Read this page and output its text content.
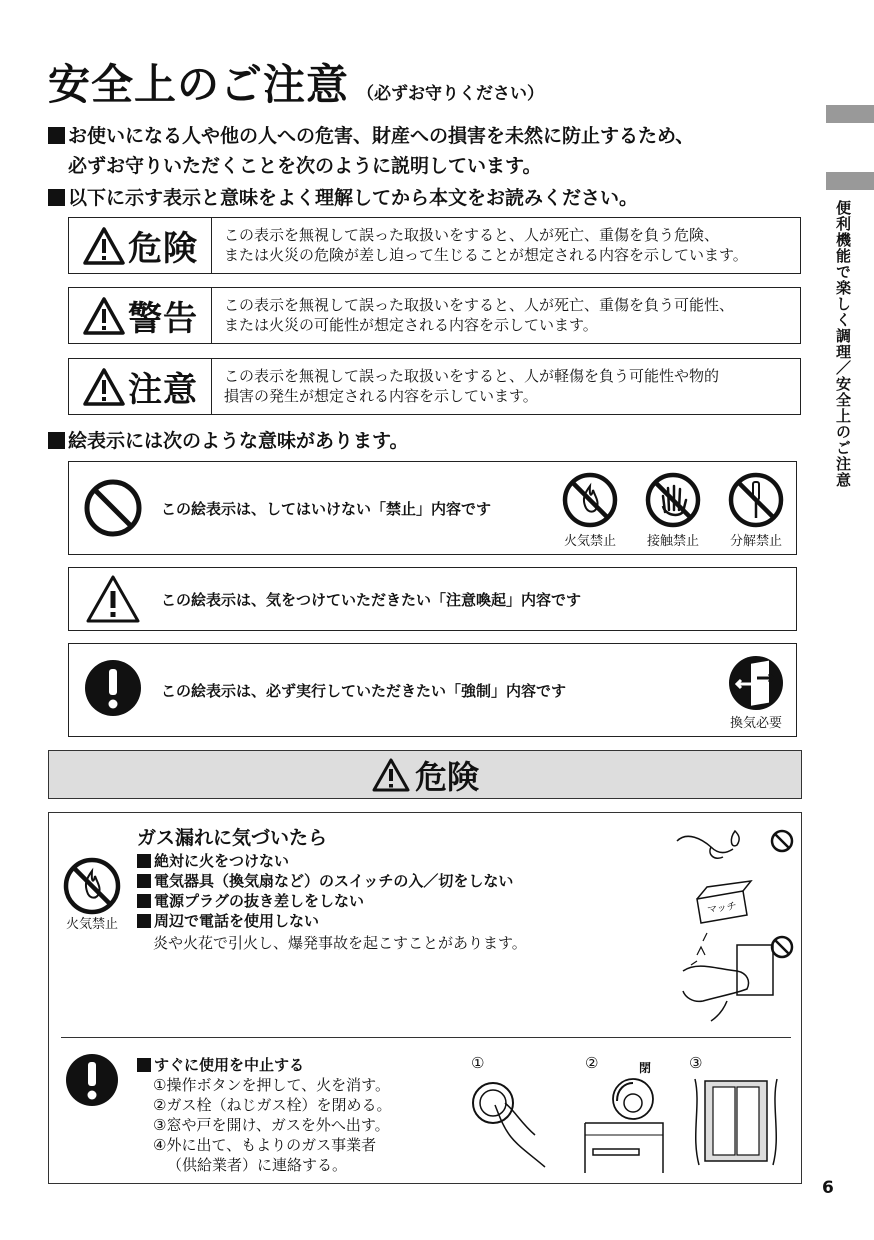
安全上のご注意 （必ずお守りください）
お使いになる人や他の人への危害、財産への損害を未然に防止するため、
必ずお守りいただくことを次のように説明しています。
以下に示す表示と意味をよく理解してから本文をお読みください。
危険 この表示を無視して誤った取扱いをすると、人が死亡、重傷を負う危険、
または火災の危険が差し迫って生じることが想定される内容を示しています。
警告 この表示を無視して誤った取扱いをすると、人が死亡、重傷を負う可能性、
または火災の可能性が想定される内容を示しています。
注意 この表示を無視して誤った取扱いをすると、人が軽傷を負う可能性や物的
損害の発生が想定される内容を示しています。
絵表示には次のような意味があります。
この絵表示は、してはいけない「禁止」内容です
火気禁止	接触禁止	分解禁止
この絵表示は、気をつけていただきたい「注意喚起」内容です
この絵表示は、必ず実行していただきたい「強制」内容です
換気必要
危険
火気禁止
ガス漏れに気づいたら
絶対に火をつけない
電気器具（換気扇など）のスイッチの入／切をしない
電源プラグの抜き差しをしない
周辺で電話を使用しない
炎や火花で引火し、爆発事故を起こすことがあります。
マッチ
すぐに使用を中止する
①操作ボタンを押して、火を消す。
②ガス栓（ねじガス栓）を閉める。
③窓や戸を開け、ガスを外へ出す。
④外に出て、もよりのガス事業者
（供給業者）に連絡する。
①	②	③
閉
便利機能で楽しく調理／安全上のご注意
6
